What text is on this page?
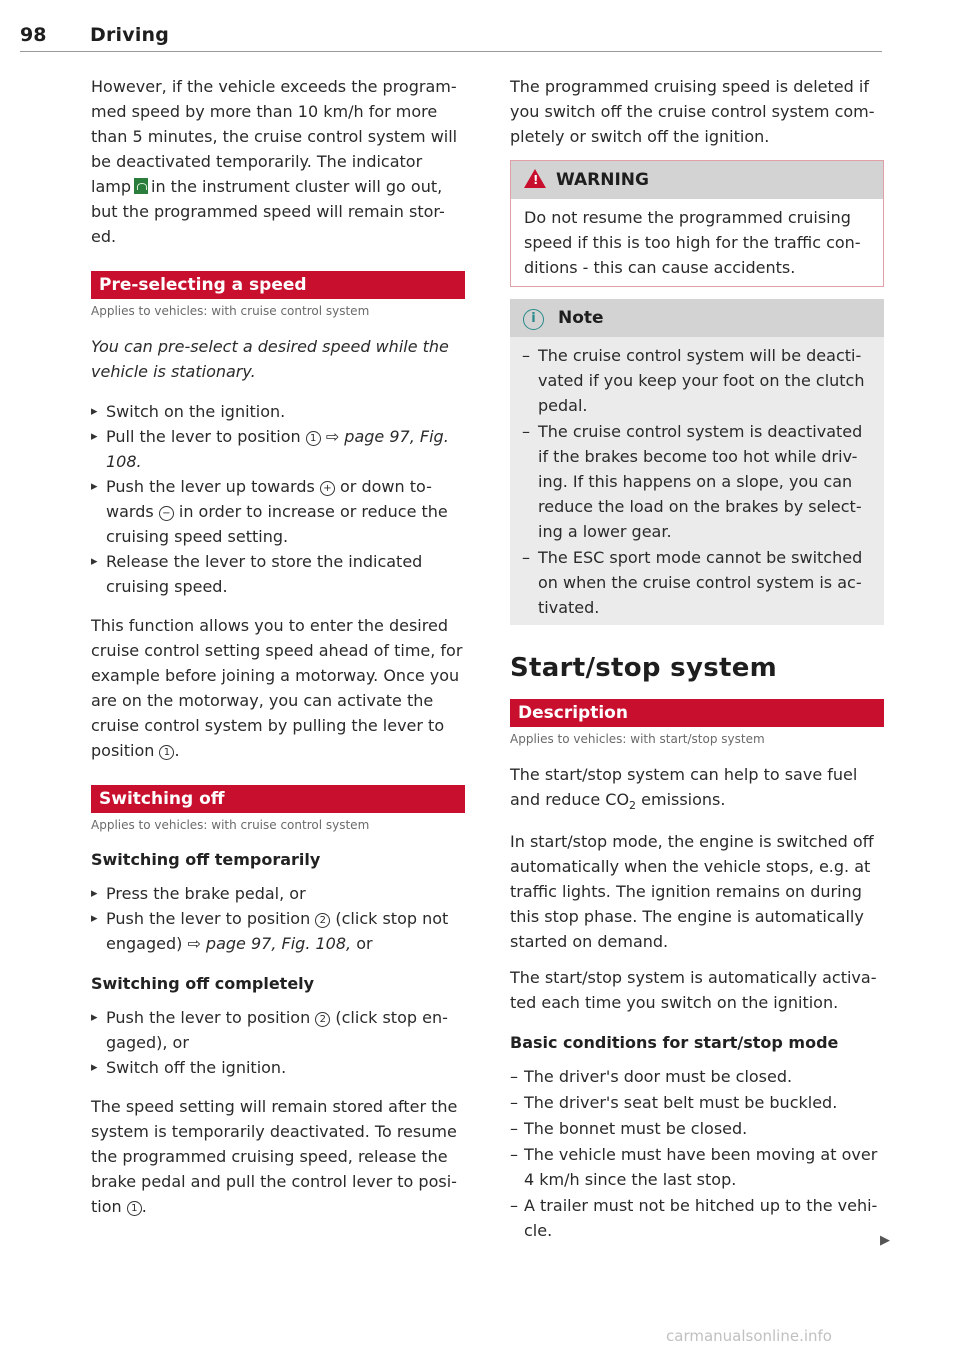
98 Driving

However, if the vehicle exceeds the program- med speed by more than 10 km/h for more than 5 minutes, the cruise control system will be deactivated temporarily. The indicator
lamp in the instrument cluster will go out, but the programmed speed will remain stor- ed.

Pre-selecting a speed
Applies to vehicles: with cruise control system

You can pre-select a desired speed while the vehicle is stationary.

▸ Switch on the ignition.
▸ Pull the lever to position 1 ⇨ page 97, Fig. 108.
▸ Push the lever up towards + or down to- wards − in order to increase or reduce the cruising speed setting.
▸ Release the lever to store the indicated cruising speed.

This function allows you to enter the desired cruise control setting speed ahead of time, for example before joining a motorway. Once you are on the motorway, you can activate the cruise control system by pulling the lever to position 1 .

Switching off
Applies to vehicles: with cruise control system
Switching off temporarily
▸ Press the brake pedal, or
▸ Push the lever to position 2 (click stop not engaged) ⇨ page 97, Fig. 108, or
Switching off completely
▸ Push the lever to position 2 (click stop en- gaged), or
▸ Switch off the ignition.

The speed setting will remain stored after the system is temporarily deactivated. To resume the programmed cruising speed, release the brake pedal and pull the control lever to posi- tion 1 .

The programmed cruising speed is deleted if you switch off the cruise control system com- pletely or switch off the ignition.

!WARNING
Do not resume the programmed cruising speed if this is too high for the traffic con- ditions - this can cause accidents.
i Note
– The cruise control system will be deacti- vated if you keep your foot on the clutch pedal.
– The cruise control system is deactivated if the brakes become too hot while driv- ing. If this happens on a slope, you can reduce the load on the brakes by select- ing a lower gear.
– The ESC sport mode cannot be switched on when the cruise control system is ac- tivated.
Start/stop system
Description
Applies to vehicles: with start/stop system

The start/stop system can help to save fuel and reduce $CO_2$ emissions.

In start/stop mode, the engine is switched off automatically when the vehicle stops, e.g. at traffic lights. The ignition remains on during this stop phase. The engine is automatically started on demand.

The start/stop system is automatically activa- ted each time you switch on the ignition.

Basic conditions for start/stop mode
– The driver's door must be closed.
– The driver's seat belt must be buckled.
– The bonnet must be closed.
– The vehicle must have been moving at over 4 km/h since the last stop.
– A trailer must not be hitched up to the vehi- cle.
▶
carmanualsonline.info
